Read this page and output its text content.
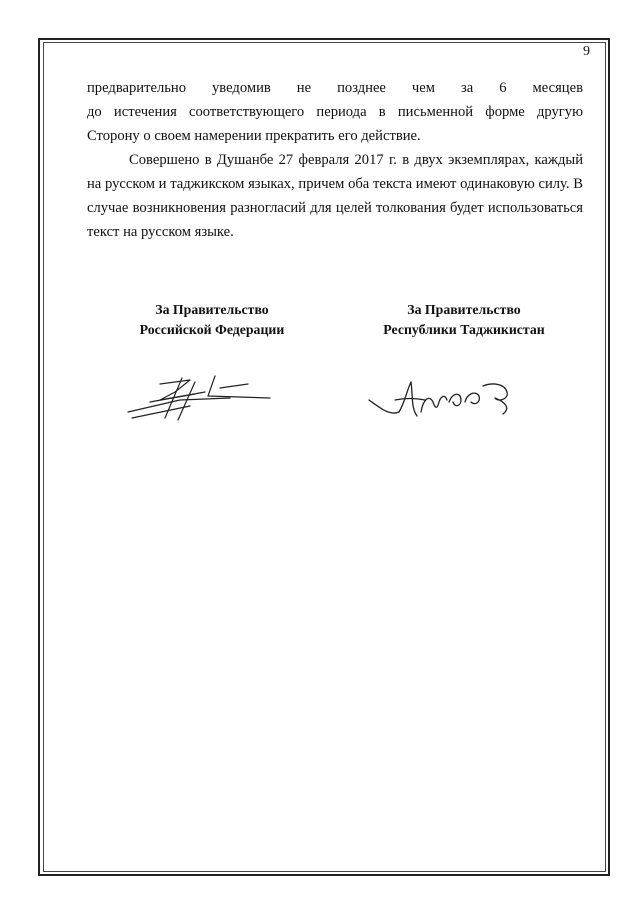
9

предварительно уведомив не позднее чем за 6 месяцев
до истечения соответствующего периода в письменной форме другую
Сторону о своем намерении прекратить его действие.

Совершено в Душанбе 27 февраля 2017 г. в двух экземплярах, каждый на русском и таджикском языках, причем оба текста имеют одинаковую силу. В случае возникновения разногласий для целей толкования будет использоваться текст на русском языке.

За Правительство
Российской Федерации
За Правительство
Республики Таджикистан
